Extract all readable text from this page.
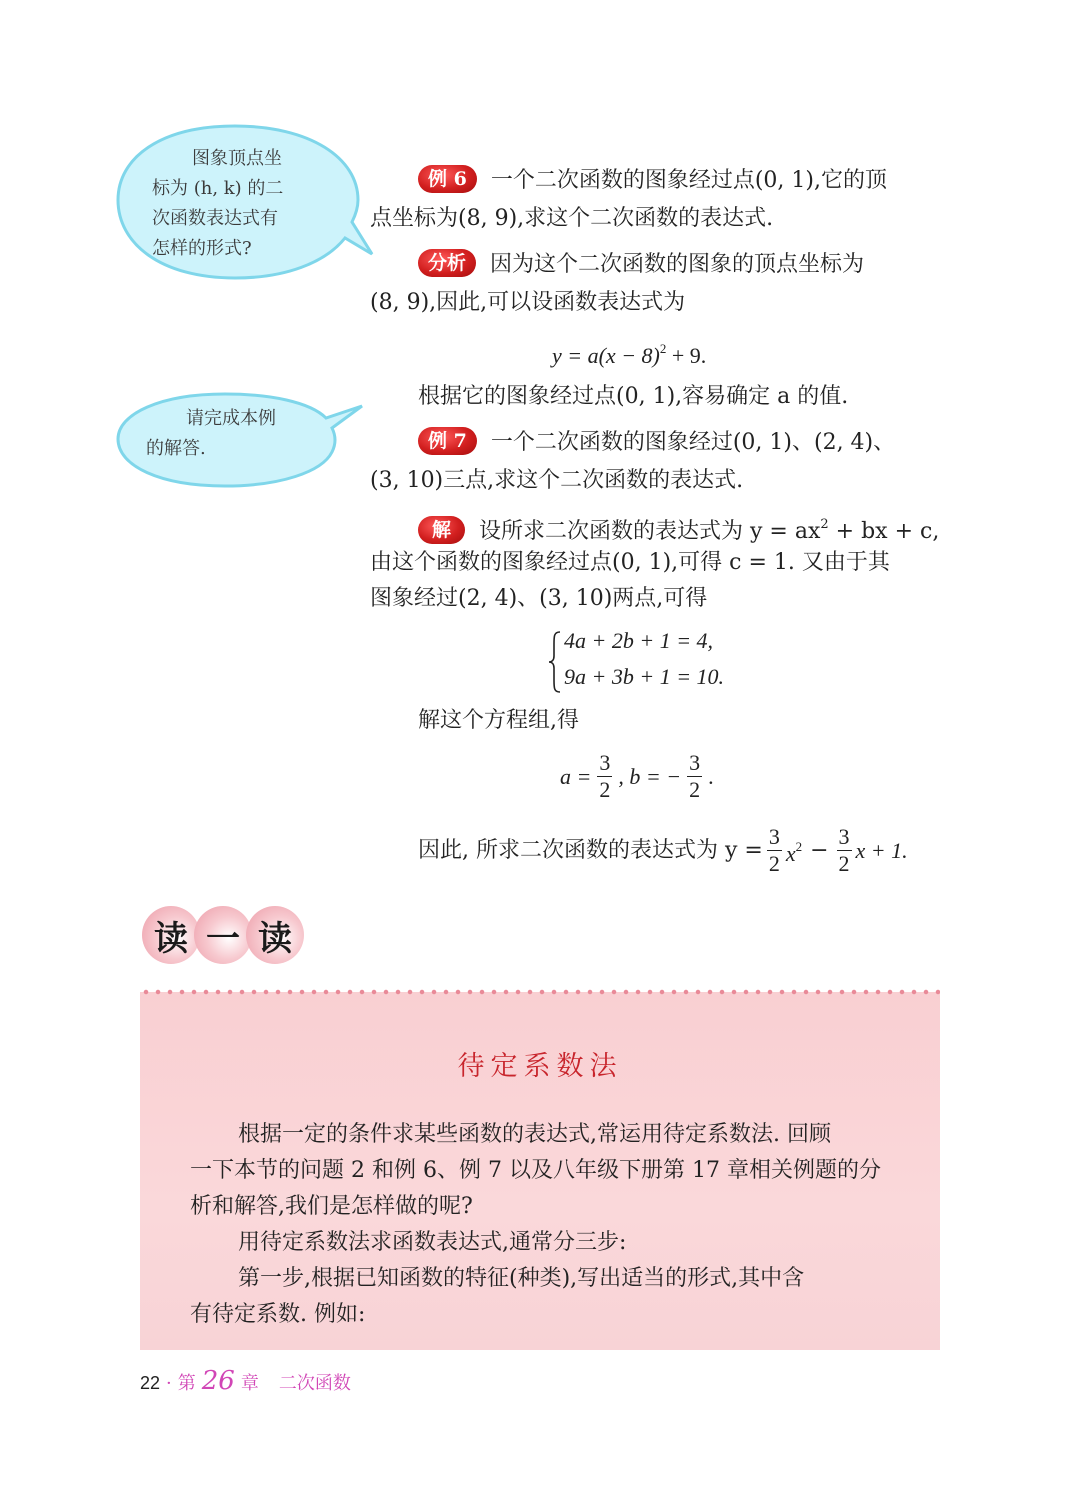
图象顶点坐
标为 (h, k) 的二
次函数表达式有
怎样的形式?
请完成本例
的解答.
例 6 一个二次函数的图象经过点(0, 1),它的顶
点坐标为(8, 9),求这个二次函数的表达式.
分析 因为这个二次函数的图象的顶点坐标为
(8, 9),因此,可以设函数表达式为
$y = a(x - 8)^2 + 9$.
根据它的图象经过点(0, 1),容易确定 a 的值.
例 7 一个二次函数的图象经过(0, 1)、(2, 4)、
(3, 10)三点,求这个二次函数的表达式.
解 设所求二次函数的表达式为 $y = ax^2$ + bx + c,
由这个函数的图象经过点(0, 1),可得 c = 1. 又由于其
图象经过(2, 4)、(3, 10)两点,可得
4a + 2b + 1 = 4,
9a + 3b + 1 = 10.
解这个方程组,得
$a = \frac{3}{2}$ , b = − $\frac{3}{2}$ .
因此, 所求二次函数的表达式为 $y = \frac{3}{2} x^2 - \frac{3}{2}$ x + 1.
读 一 读
待定系数法
根据一定的条件求某些函数的表达式,常运用待定系数法. 回顾
一下本节的问题 2 和例 6、例 7 以及八年级下册第 17 章相关例题的分
析和解答,我们是怎样做的呢?
用待定系数法求函数表达式,通常分三步:
第一步,根据已知函数的特征(种类),写出适当的形式,其中含
有待定系数. 例如:
22 · 第 26 章 二次函数
